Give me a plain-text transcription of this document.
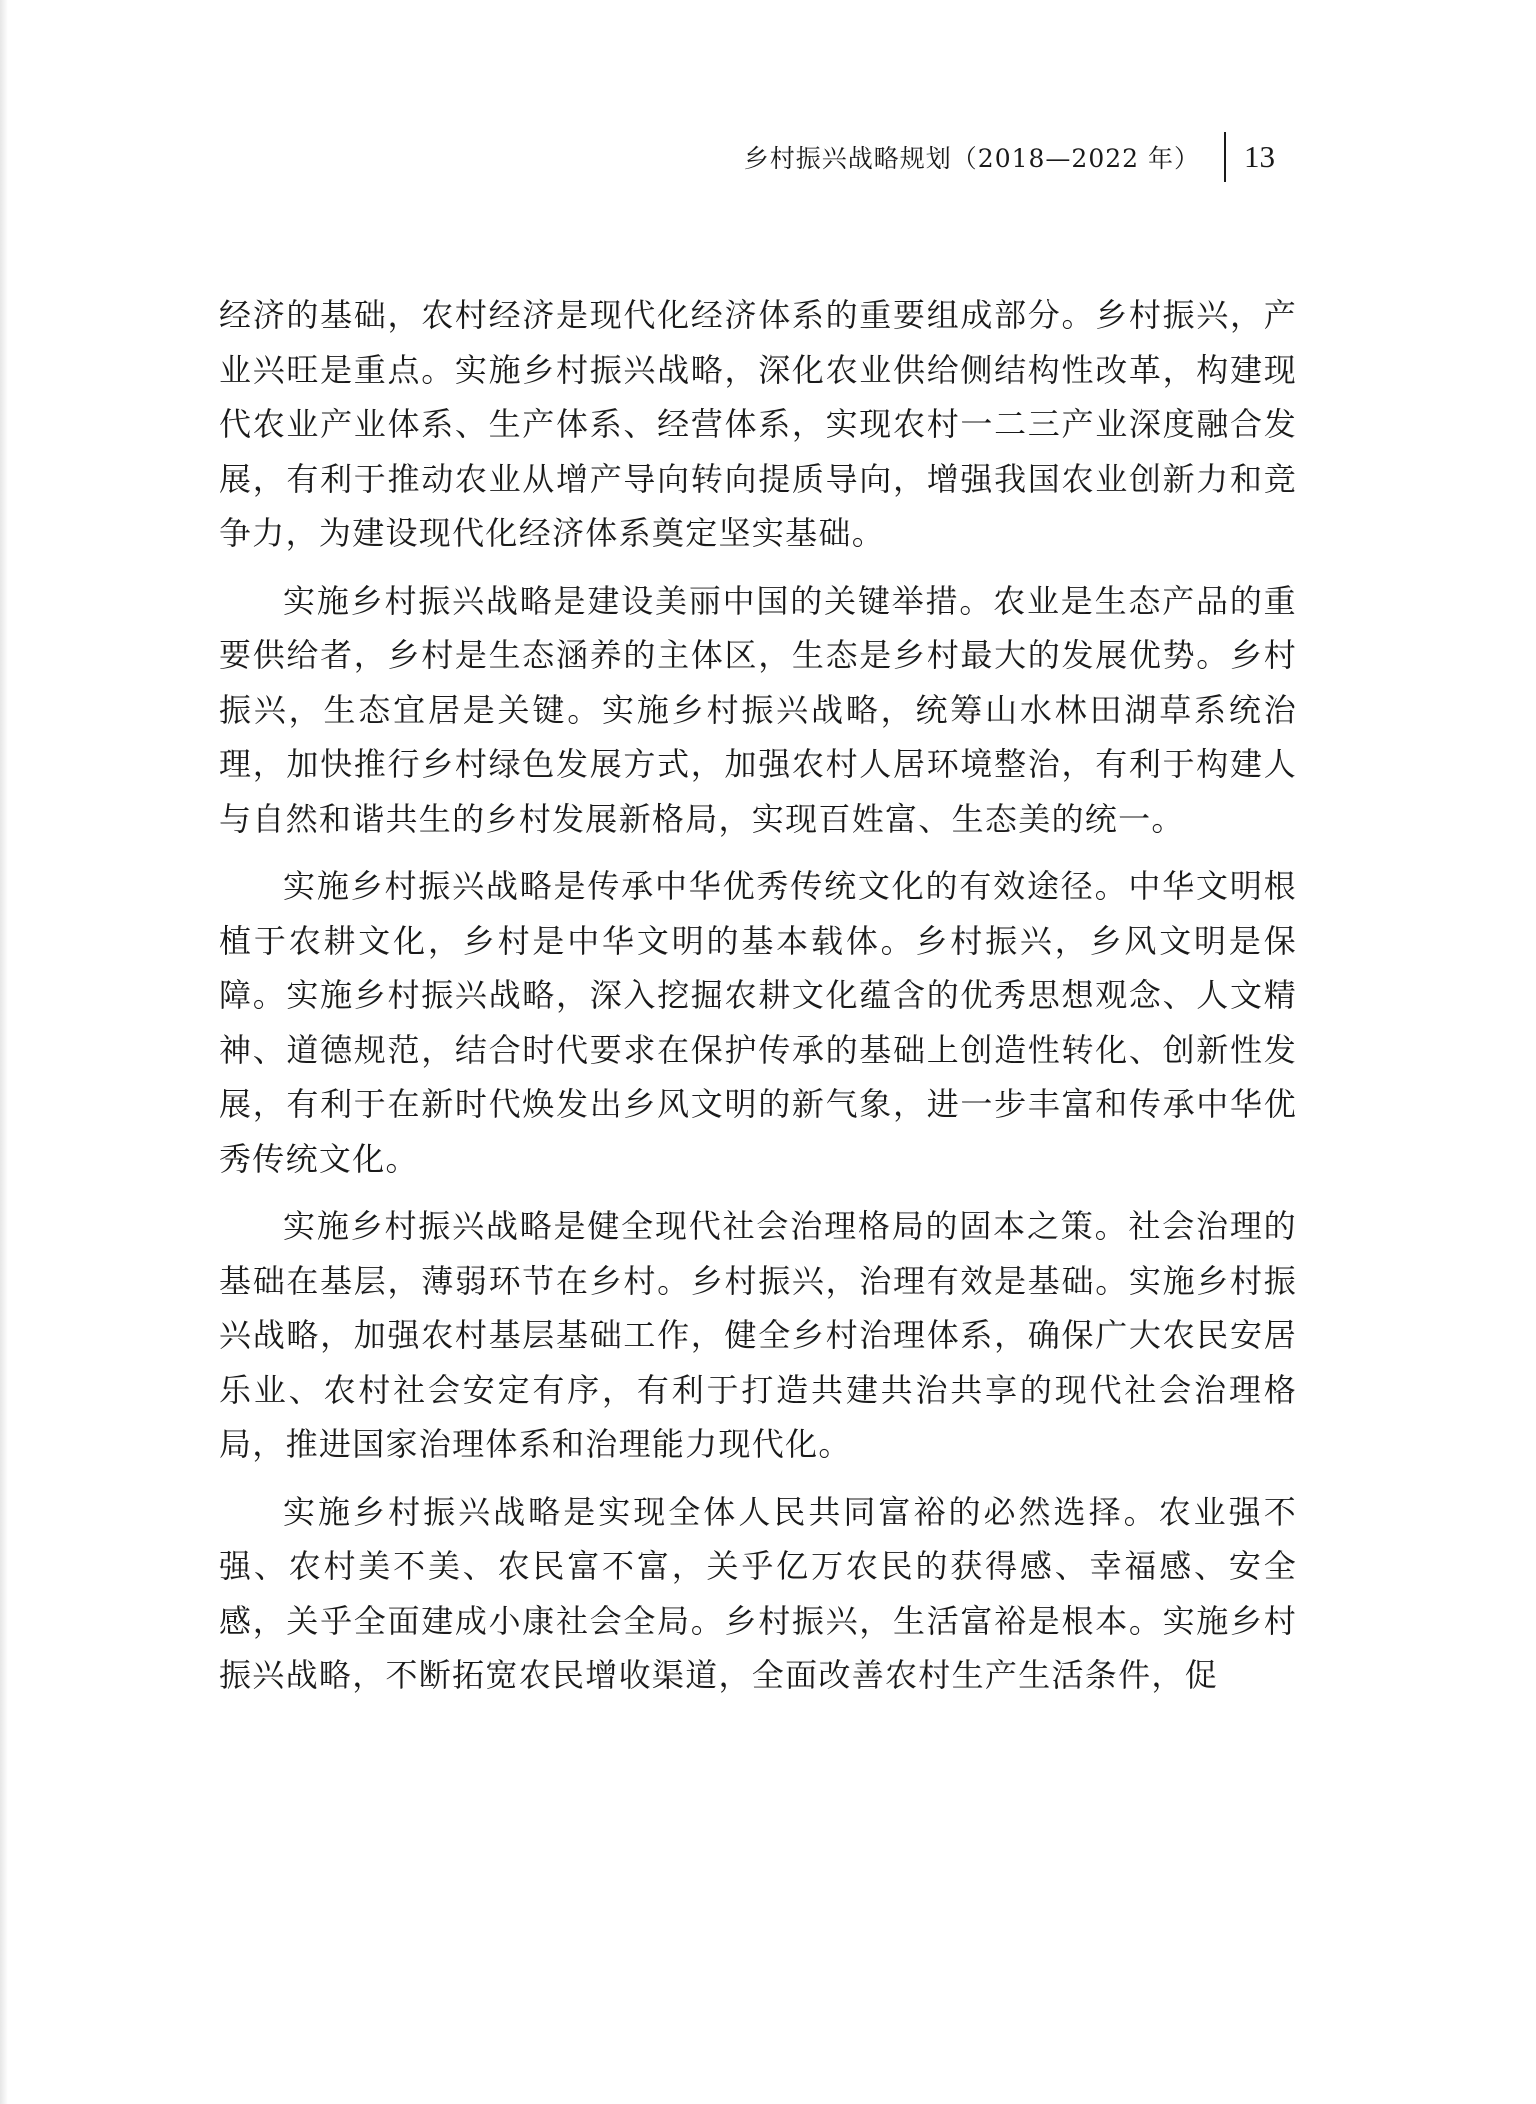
乡村振兴战略规划（2018—2022 年） 13

经济的基础，农村经济是现代化经济体系的重要组成部分。乡村振兴，产业兴旺是重点。实施乡村振兴战略，深化农业供给侧结构性改革，构建现代农业产业体系、生产体系、经营体系，实现农村一二三产业深度融合发展，有利于推动农业从增产导向转向提质导向，增强我国农业创新力和竞争力，为建设现代化经济体系奠定坚实基础。

实施乡村振兴战略是建设美丽中国的关键举措。农业是生态产品的重要供给者，乡村是生态涵养的主体区，生态是乡村最大的发展优势。乡村振兴，生态宜居是关键。实施乡村振兴战略，统筹山水林田湖草系统治理，加快推行乡村绿色发展方式，加强农村人居环境整治，有利于构建人与自然和谐共生的乡村发展新格局，实现百姓富、生态美的统一。

实施乡村振兴战略是传承中华优秀传统文化的有效途径。中华文明根植于农耕文化，乡村是中华文明的基本载体。乡村振兴，乡风文明是保障。实施乡村振兴战略，深入挖掘农耕文化蕴含的优秀思想观念、人文精神、道德规范，结合时代要求在保护传承的基础上创造性转化、创新性发展，有利于在新时代焕发出乡风文明的新气象，进一步丰富和传承中华优秀传统文化。

实施乡村振兴战略是健全现代社会治理格局的固本之策。社会治理的基础在基层，薄弱环节在乡村。乡村振兴，治理有效是基础。实施乡村振兴战略，加强农村基层基础工作，健全乡村治理体系，确保广大农民安居乐业、农村社会安定有序，有利于打造共建共治共享的现代社会治理格局，推进国家治理体系和治理能力现代化。

实施乡村振兴战略是实现全体人民共同富裕的必然选择。农业强不强、农村美不美、农民富不富，关乎亿万农民的获得感、幸福感、安全感，关乎全面建成小康社会全局。乡村振兴，生活富裕是根本。实施乡村振兴战略，不断拓宽农民增收渠道，全面改善农村生产生活条件，促
